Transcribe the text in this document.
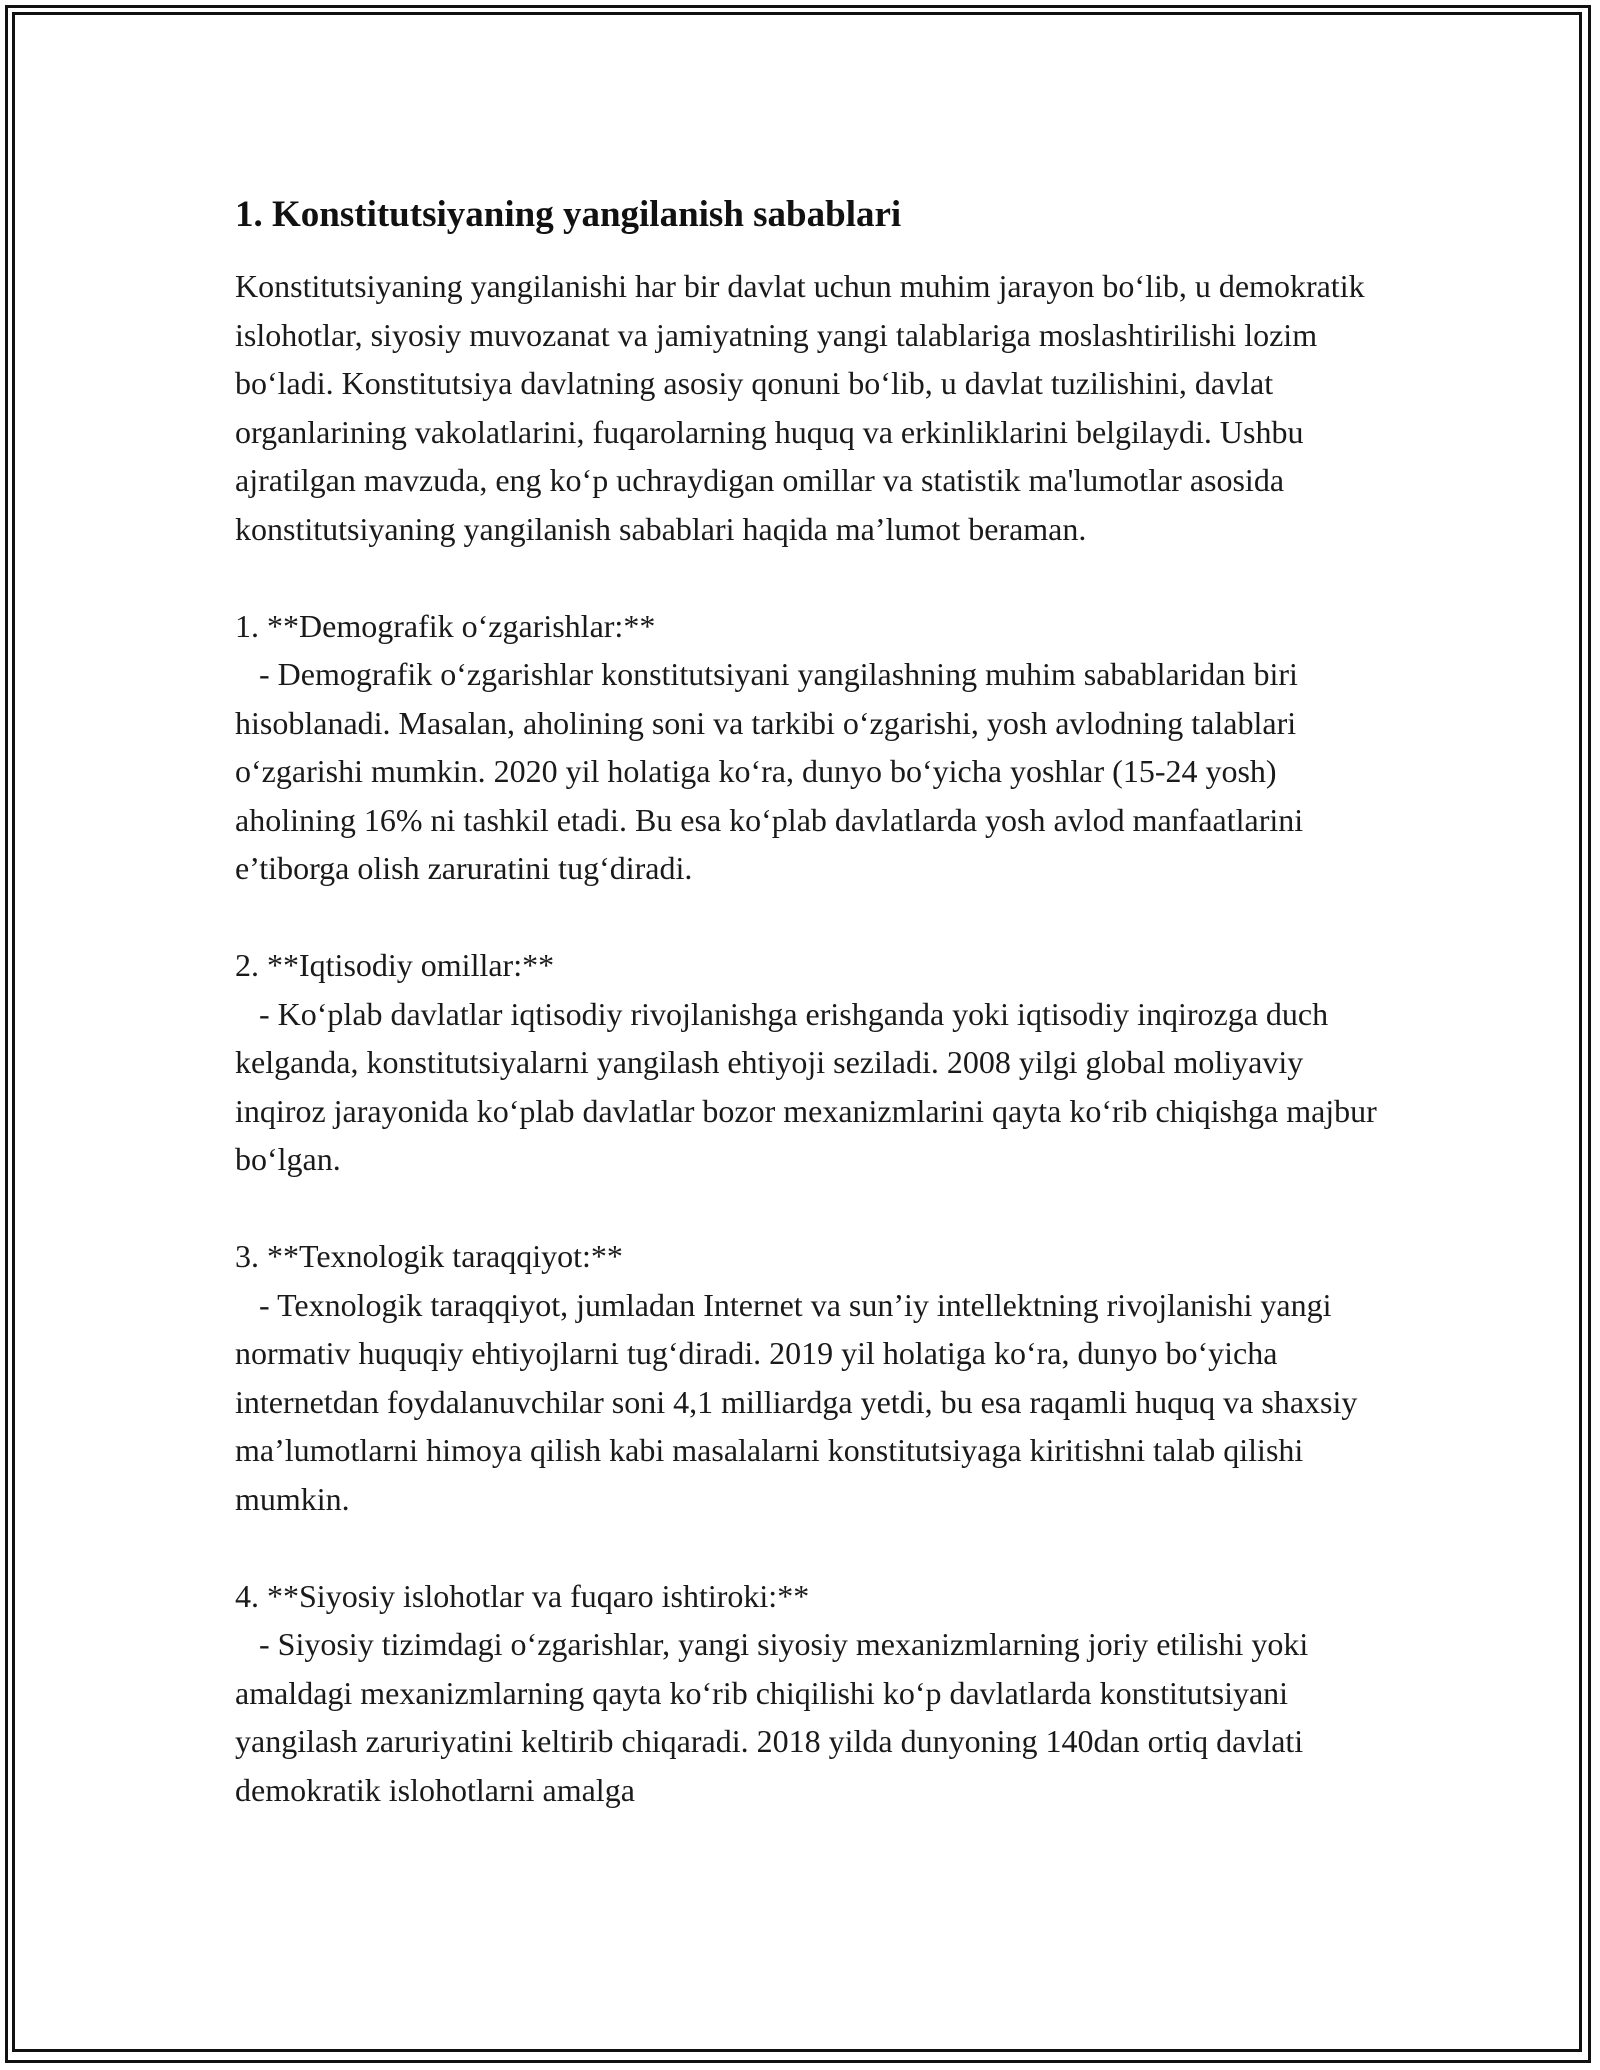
1. Konstitutsiyaning yangilanish sabablari

Konstitutsiyaning yangilanishi har bir davlat uchun muhim jarayon bo‘lib, u demokratik islohotlar, siyosiy muvozanat va jamiyatning yangi talablariga moslashtirilishi lozim bo‘ladi. Konstitutsiya davlatning asosiy qonuni bo‘lib, u davlat tuzilishini, davlat organlarining vakolatlarini, fuqarolarning huquq va erkinliklarini belgilaydi. Ushbu ajratilgan mavzuda, eng ko‘p uchraydigan omillar va statistik ma'lumotlar asosida konstitutsiyaning yangilanish sabablari haqida ma’lumot beraman.

1. **Demografik o‘zgarishlar:**

- Demografik o‘zgarishlar konstitutsiyani yangilashning muhim sabablaridan biri hisoblanadi. Masalan, aholining soni va tarkibi o‘zgarishi, yosh avlodning talablari o‘zgarishi mumkin. 2020 yil holatiga ko‘ra, dunyo bo‘yicha yoshlar (15-24 yosh) aholining 16% ni tashkil etadi. Bu esa ko‘plab davlatlarda yosh avlod manfaatlarini e’tiborga olish zaruratini tug‘diradi.

2. **Iqtisodiy omillar:**

- Ko‘plab davlatlar iqtisodiy rivojlanishga erishganda yoki iqtisodiy inqirozga duch kelganda, konstitutsiyalarni yangilash ehtiyoji seziladi. 2008 yilgi global moliyaviy inqiroz jarayonida ko‘plab davlatlar bozor mexanizmlarini qayta ko‘rib chiqishga majbur bo‘lgan.

3. **Texnologik taraqqiyot:**

- Texnologik taraqqiyot, jumladan Internet va sun’iy intellektning rivojlanishi yangi normativ huquqiy ehtiyojlarni tug‘diradi. 2019 yil holatiga ko‘ra, dunyo bo‘yicha internetdan foydalanuvchilar soni 4,1 milliardga yetdi, bu esa raqamli huquq va shaxsiy ma’lumotlarni himoya qilish kabi masalalarni konstitutsiyaga kiritishni talab qilishi mumkin.

4. **Siyosiy islohotlar va fuqaro ishtiroki:**

- Siyosiy tizimdagi o‘zgarishlar, yangi siyosiy mexanizmlarning joriy etilishi yoki amaldagi mexanizmlarning qayta ko‘rib chiqilishi ko‘p davlatlarda konstitutsiyani yangilash zaruriyatini keltirib chiqaradi. 2018 yilda dunyoning 140dan ortiq davlati demokratik islohotlarni amalga
